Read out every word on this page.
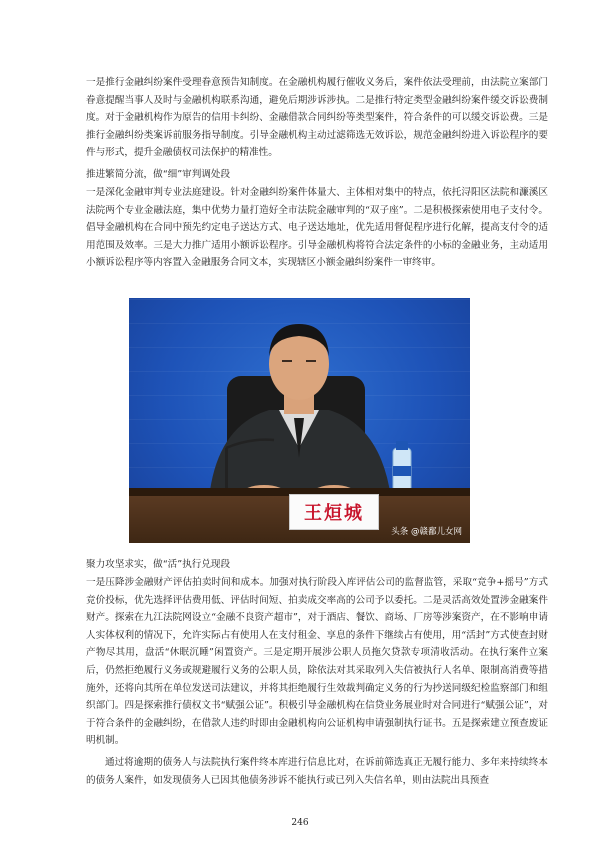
一是推行金融纠纷案件受理眷意预告知制度。在金融机构履行催收义务后，案件依法受理前，由法院立案部门眷意提醒当事人及时与金融机构联系沟通，避免后期涉诉涉执。二是推行特定类型金融纠纷案件缓交诉讼费制度。对于金融机构作为原告的信用卡纠纷、金融借款合同纠纷等类型案件，符合条件的可以缓交诉讼费。三是推行金融纠纷类案诉前服务指导制度。引导金融机构主动过滤筛选无效诉讼，规范金融纠纷进入诉讼程序的要件与形式，提升金融债权司法保护的精准性。

推进繁简分流，做“细”审判调处段

一是深化金融审判专业法庭建设。针对金融纠纷案件体量大、主体相对集中的特点，依托浔阳区法院和濂溪区法院两个专业金融法庭，集中优势力量打造好全市法院金融审判的“双子座”。二是积极探索使用电子支付令。倡导金融机构在合同中预先约定电子送达方式、电子送达地址，优先适用督促程序进行化解，提高支付令的适用范围及效率。三是大力推广适用小额诉讼程序。引导金融机构将符合法定条件的小标的金融业务，主动适用小额诉讼程序等内容置入金融服务合同文本，实现辖区小额金融纠纷案件一审终审。

王烜城
头条 @赣鄱儿女网

聚力攻坚求实，做“活”执行兑现段

一是压降涉金融财产评估拍卖时间和成本。加强对执行阶段入库评估公司的监督监管，采取“竞争+摇号”方式竞价投标，优先选择评估费用低、评估时间短、拍卖成交率高的公司予以委托。二是灵活高效处置涉金融案件财产。探索在九江法院网设立“金融不良资产超市”，对于酒店、餐饮、商场、厂房等涉案资产，在不影响申请人实体权利的情况下，允许实际占有使用人在支付租金、享息的条件下继续占有使用，用“活封”方式使查封财产物尽其用，盘活“休眠沉睡”闲置资产。三是定期开展涉公职人员拖欠贷款专项清收活动。在执行案件立案后，仍然拒绝履行义务或规避履行义务的公职人员，除依法对其采取列入失信被执行人名单、限制高消费等措施外，还将向其所在单位发送司法建议，并将其拒绝履行生效裁判确定义务的行为抄送同级纪检监察部门和组织部门。四是探索推行债权文书“赋强公证”。积极引导金融机构在信贷业务展业时对合同进行“赋强公证”，对于符合条件的金融纠纷，在借款人违约时即由金融机构向公证机构申请强制执行证书。五是探索建立预查废证明机制。

通过将逾期的债务人与法院执行案件终本库进行信息比对，在诉前筛选真正无履行能力、多年来持续终本的债务人案件，如发现债务人已因其他债务涉诉不能执行或已列入失信名单，则由法院出具预查

246
